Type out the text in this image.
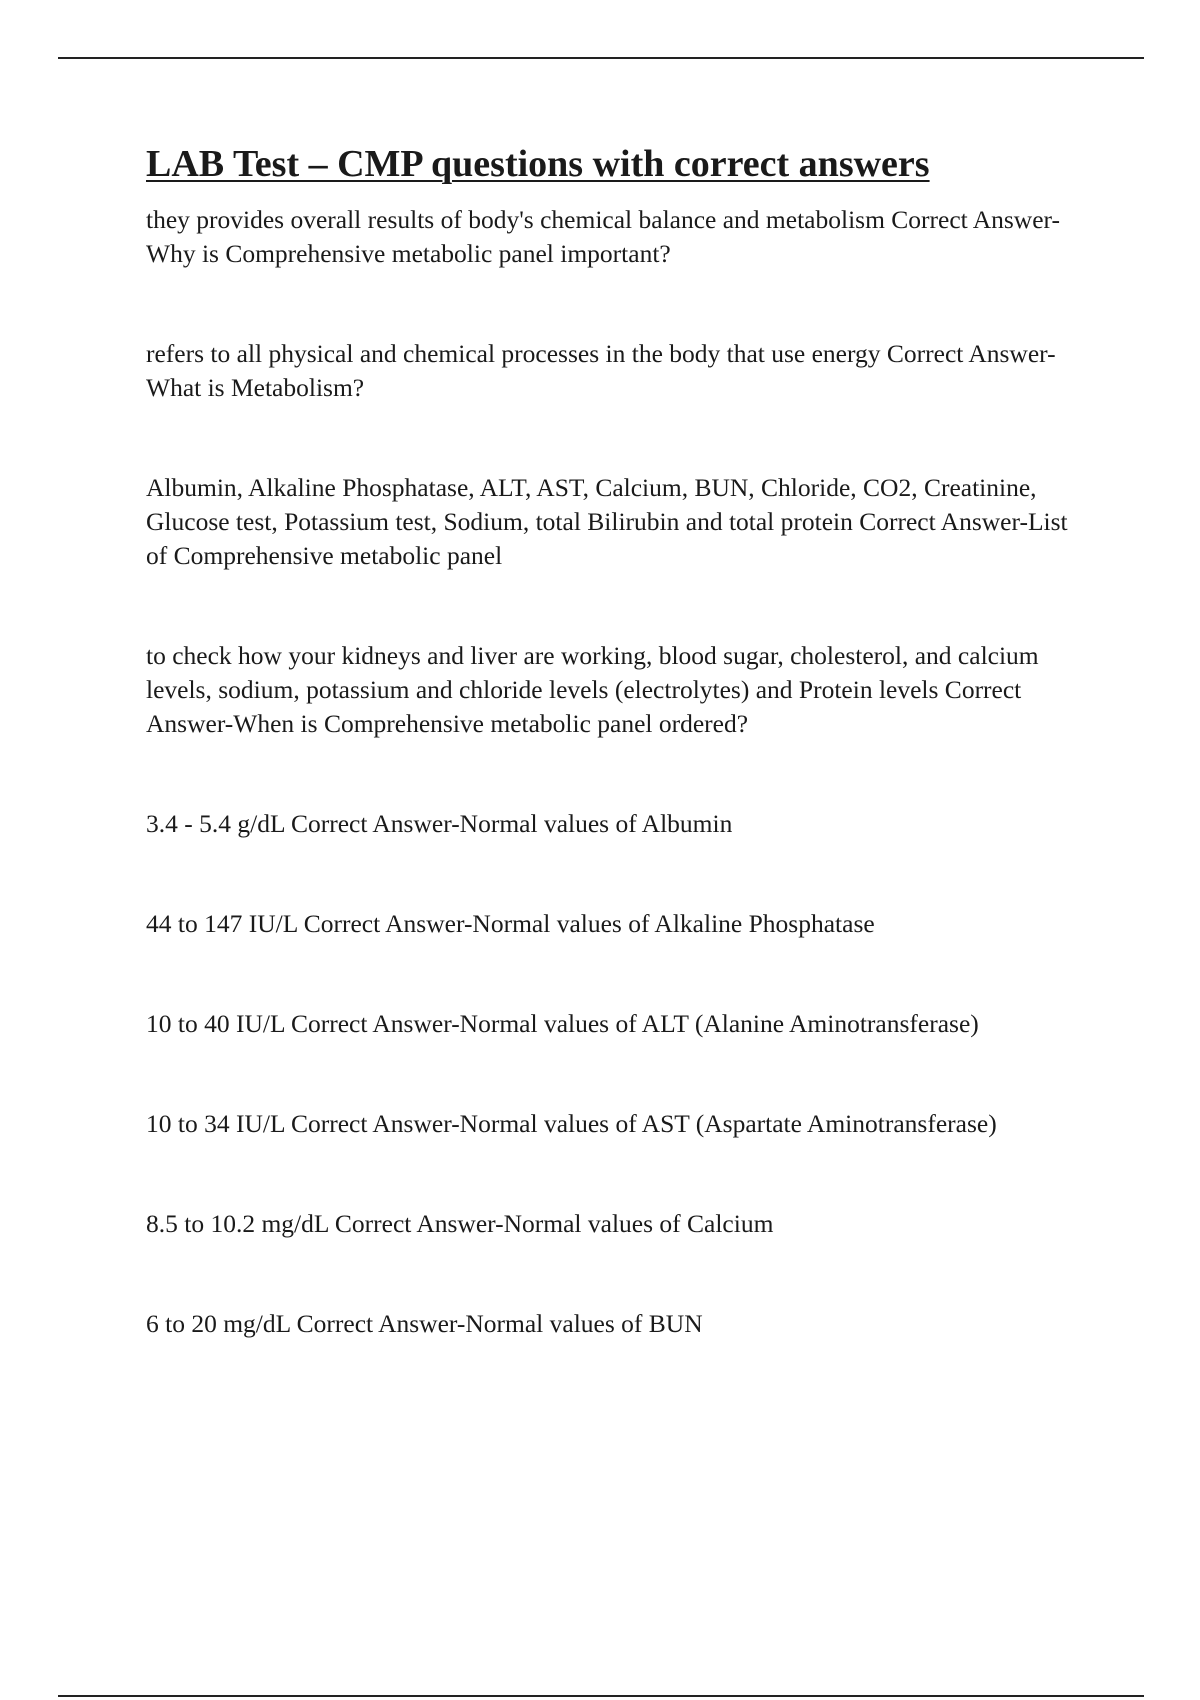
LAB Test – CMP questions with correct answers

they provides overall results of body's chemical balance and metabolism Correct Answer-Why is Comprehensive metabolic panel important?

refers to all physical and chemical processes in the body that use energy Correct Answer-What is Metabolism?

Albumin, Alkaline Phosphatase, ALT, AST, Calcium, BUN, Chloride, CO2, Creatinine, Glucose test, Potassium test, Sodium, total Bilirubin and total protein Correct Answer-List of Comprehensive metabolic panel

to check how your kidneys and liver are working, blood sugar, cholesterol, and calcium levels, sodium, potassium and chloride levels (electrolytes) and Protein levels Correct Answer-When is Comprehensive metabolic panel ordered?

3.4 - 5.4 g/dL Correct Answer-Normal values of Albumin

44 to 147 IU/L Correct Answer-Normal values of Alkaline Phosphatase

10 to 40 IU/L Correct Answer-Normal values of ALT (Alanine Aminotransferase)

10 to 34 IU/L Correct Answer-Normal values of AST (Aspartate Aminotransferase)

8.5 to 10.2 mg/dL Correct Answer-Normal values of Calcium

6 to 20 mg/dL Correct Answer-Normal values of BUN
